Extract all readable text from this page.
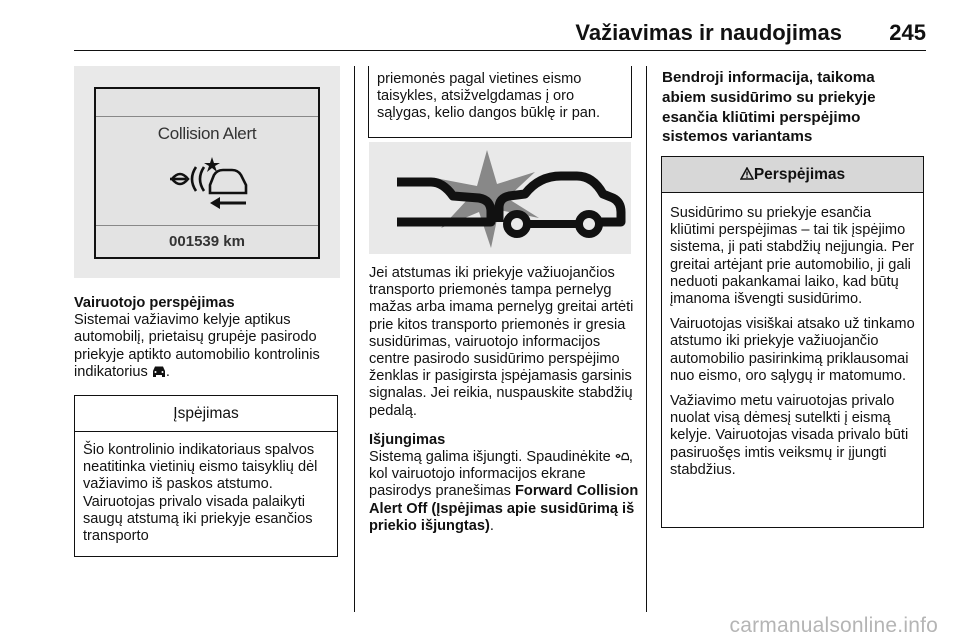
Važiavimas ir naudojimas 245
Collision Alert
001539 km

Vairuotojo perspėjimas

Sistemai važiavimo kelyje aptikus automobilį, prietaisų grupėje pasirodo priekyje aptikto automobilio kontrolinis indikatorius .

Įspėjimas

Šio kontrolinio indikatoriaus spalvos neatitinka vietinių eismo taisyklių dėl važiavimo iš paskos atstumo. Vairuotojas privalo visada palaikyti saugų atstumą iki priekyje esančios transporto

priemonės pagal vietines eismo taisykles, atsižvelgdamas į oro sąlygas, kelio dangos būklę ir pan.

Jei atstumas iki priekyje važiuojančios transporto priemonės tampa pernelyg mažas arba imama pernelyg greitai artėti prie kitos transporto priemonės ir gresia susidūrimas, vairuotojo informacijos centre pasirodo susidūrimo perspėjimo ženklas ir pasigirsta įspėjamasis garsinis signalas. Jei reikia, nuspauskite stabdžių pedalą.

Išjungimas

Sistemą galima išjungti. Spaudinėkite , kol vairuotojo informacijos ekrane pasirodys pranešimas Forward Collision Alert Off (Įspėjimas apie susidūrimą iš priekio išjungtas).

Bendroji informacija, taikoma abiem susidūrimo su priekyje esančia kliūtimi perspėjimo sistemos variantams

Perspėjimas

Susidūrimo su priekyje esančia kliūtimi perspėjimas – tai tik įspėjimo sistema, ji pati stabdžių neįjungia. Per greitai artėjant prie automobilio, ji gali neduoti pakankamai laiko, kad būtų įmanoma išvengti susidūrimo.

Vairuotojas visiškai atsako už tinkamo atstumo iki priekyje važiuojančio automobilio pasirinkimą priklausomai nuo eismo, oro sąlygų ir matomumo.

Važiavimo metu vairuotojas privalo nuolat visą dėmesį sutelkti į eismą kelyje. Vairuotojas visada privalo būti pasiruošęs imtis veiksmų ir įjungti stabdžius.

carmanualsonline.info
